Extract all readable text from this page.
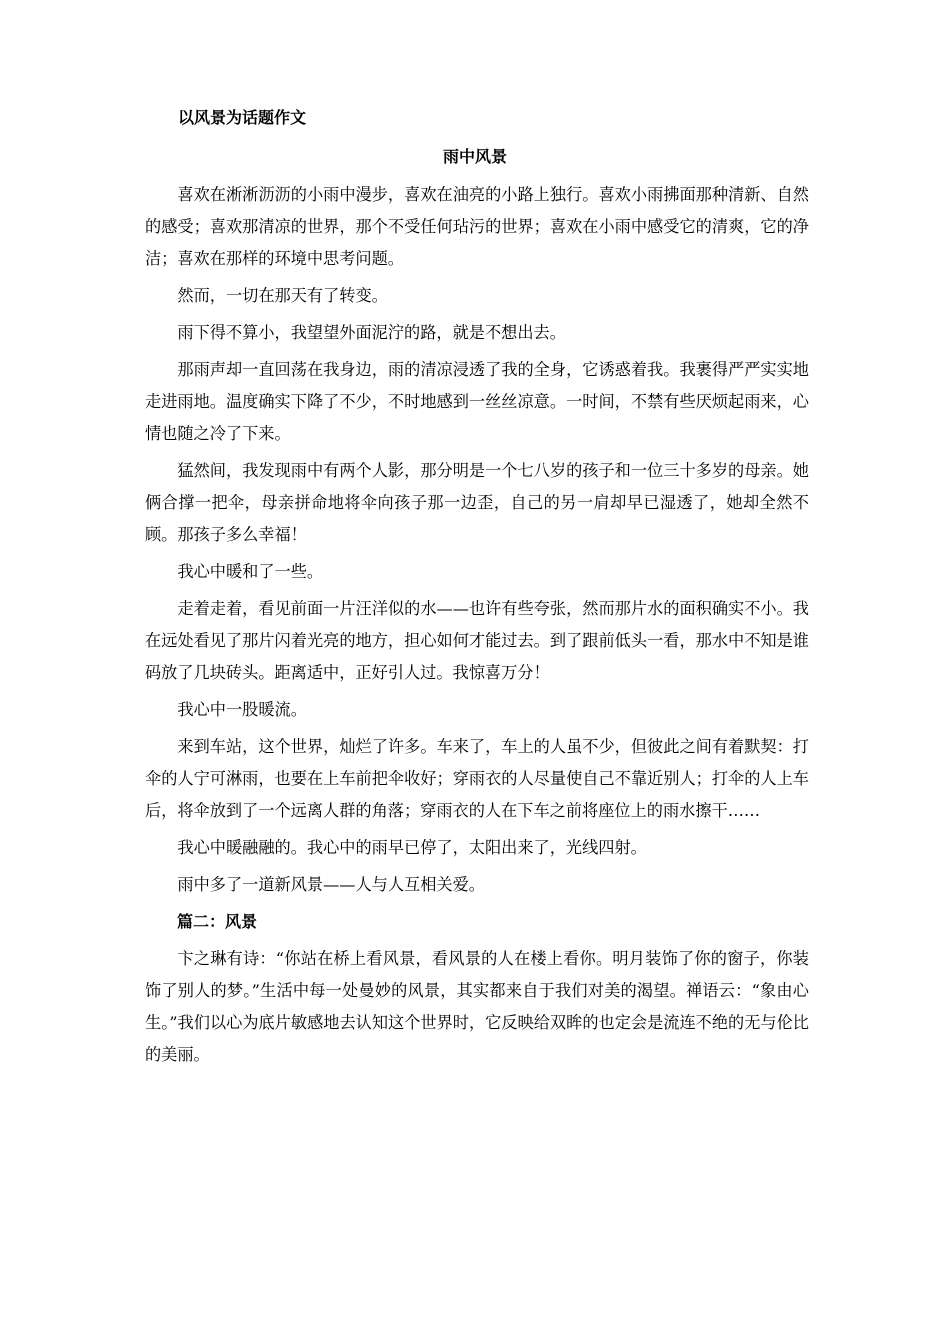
以风景为话题作文
雨中风景

喜欢在淅淅沥沥的小雨中漫步，喜欢在油亮的小路上独行。喜欢小雨拂面那种清新、自然的感受；喜欢那清凉的世界，那个不受任何玷污的世界；喜欢在小雨中感受它的清爽，它的净洁；喜欢在那样的环境中思考问题。

然而，一切在那天有了转变。

雨下得不算小，我望望外面泥泞的路，就是不想出去。

那雨声却一直回荡在我身边，雨的清凉浸透了我的全身，它诱惑着我。我裹得严严实实地走进雨地。温度确实下降了不少，不时地感到一丝丝凉意。一时间，不禁有些厌烦起雨来，心情也随之冷了下来。

猛然间，我发现雨中有两个人影，那分明是一个七八岁的孩子和一位三十多岁的母亲。她俩合撑一把伞，母亲拼命地将伞向孩子那一边歪，自己的另一肩却早已湿透了，她却全然不顾。那孩子多么幸福！

我心中暖和了一些。

走着走着，看见前面一片汪洋似的水——也许有些夸张，然而那片水的面积确实不小。我在远处看见了那片闪着光亮的地方，担心如何才能过去。到了跟前低头一看，那水中不知是谁码放了几块砖头。距离适中，正好引人过。我惊喜万分！

我心中一股暖流。

来到车站，这个世界，灿烂了许多。车来了，车上的人虽不少，但彼此之间有着默契：打伞的人宁可淋雨，也要在上车前把伞收好；穿雨衣的人尽量使自己不靠近别人；打伞的人上车后，将伞放到了一个远离人群的角落；穿雨衣的人在下车之前将座位上的雨水擦干……

我心中暖融融的。我心中的雨早已停了，太阳出来了，光线四射。

雨中多了一道新风景——人与人互相关爱。

篇二：风景

卞之琳有诗：“你站在桥上看风景，看风景的人在楼上看你。明月装饰了你的窗子，你装饰了别人的梦。”生活中每一处曼妙的风景，其实都来自于我们对美的渴望。禅语云：“象由心生。”我们以心为底片敏感地去认知这个世界时，它反映给双眸的也定会是流连不绝的无与伦比的美丽。
